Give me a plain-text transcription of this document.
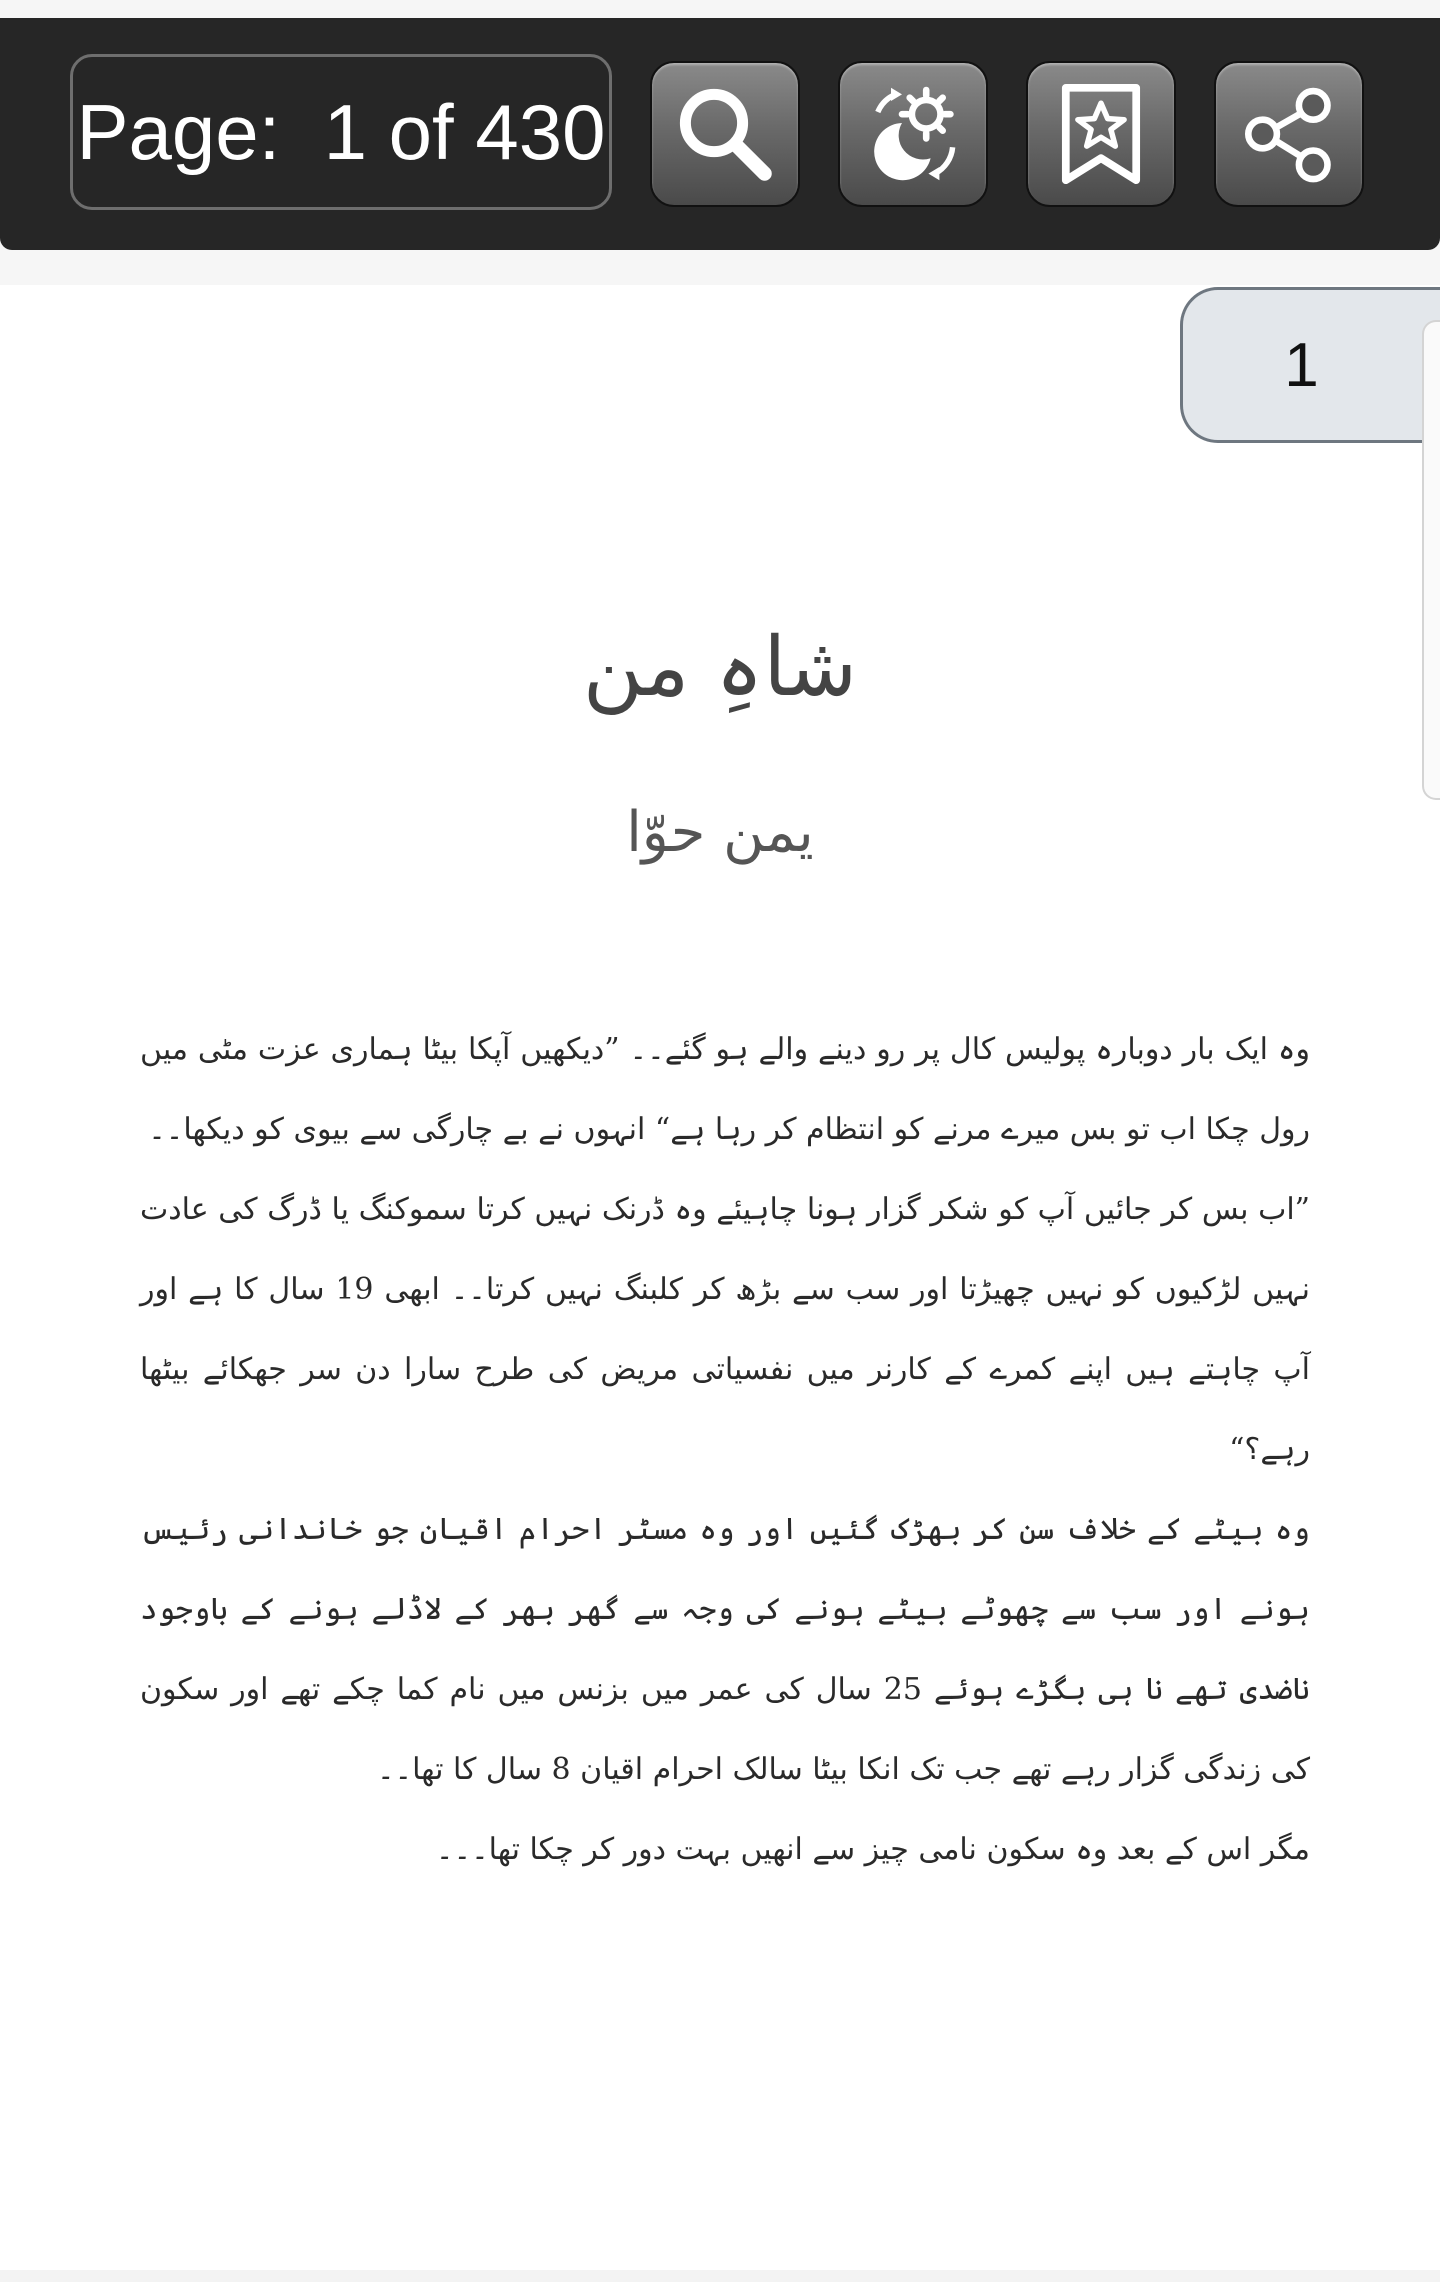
Page:  1 of 430
1
شاہِ من
یمن حوّا

وہ ایک بار دوبارہ پولیس کال پر رو دینے والے ہو گئے۔۔ ”دیکھیں آپکا بیٹا ہماری عزت مٹی میں رول چکا اب تو بس میرے مرنے کو انتظام کر رہا ہے“ انہوں نے بے چارگی سے بیوی کو دیکھا۔۔

”اب بس کر جائیں آپ کو شکر گزار ہونا چاہیئے وہ ڈرنک نہیں کرتا سموکنگ یا ڈرگ کی عادت نہیں لڑکیوں کو نہیں چھیڑتا اور سب سے بڑھ کر کلبنگ نہیں کرتا۔۔ ابھی 19 سال کا ہے اور آپ چاہتے ہیں اپنے کمرے کے کارنر میں نفسیاتی مریض کی طرح سارا دن سر جھکائے بیٹھا رہے؟“

وہ بیٹے کے خلاف سن کر بھڑک گئیں اور وہ مسٹر احرام اقیان جو خاندانی رئیس ہونے اور سب سے چھوٹے بیٹے ہونے کی وجہ سے گھر بھر کے لاڈلے ہونے کے باوجود ناضدی تھے نا ہی بگڑے ہوئے 25 سال کی عمر میں بزنس میں نام کما چکے تھے اور سکون کی زندگی گزار رہے تھے جب تک انکا بیٹا سالک احرام اقیان 8 سال کا تھا۔۔

مگر اس کے بعد وہ سکون نامی چیز سے انھیں بہت دور کر چکا تھا۔۔۔
